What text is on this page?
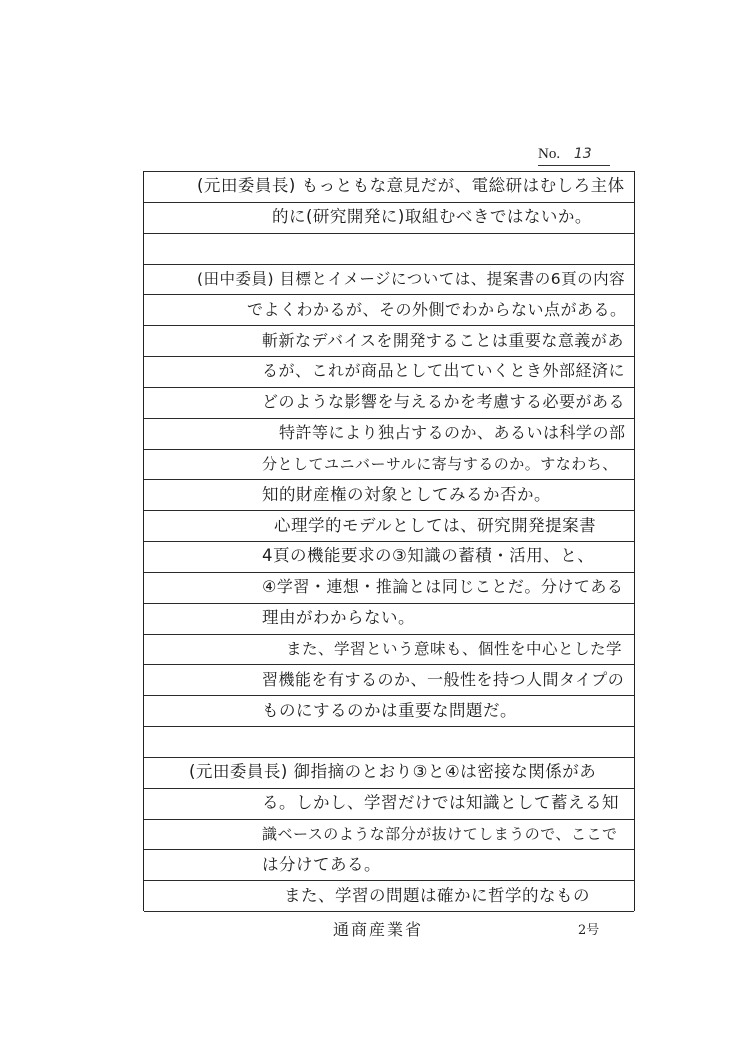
No. 13
(元田委員長) もっともな意見だが、電総研はむしろ主体
的に(研究開発に)取組むべきではないか。
(田中委員) 目標とイメージについては、提案書の6頁の内容
でよくわかるが、その外側でわからない点がある。
斬新なデバイスを開発することは重要な意義があ
るが、これが商品として出ていくとき外部経済に
どのような影響を与えるかを考慮する必要がある
特許等により独占するのか、あるいは科学の部
分としてユニバーサルに寄与するのか。すなわち、
知的財産権の対象としてみるか否か。
心理学的モデルとしては、研究開発提案書
4頁の機能要求の③知識の蓄積・活用、と、
④学習・連想・推論とは同じことだ。分けてある
理由がわからない。
また、学習という意味も、個性を中心とした学
習機能を有するのか、一般性を持つ人間タイプの
ものにするのかは重要な問題だ。
(元田委員長) 御指摘のとおり③と④は密接な関係があ
る。しかし、学習だけでは知識として蓄える知
識ベースのような部分が抜けてしまうので、ここで
は分けてある。
また、学習の問題は確かに哲学的なもの
通商産業省	2号
